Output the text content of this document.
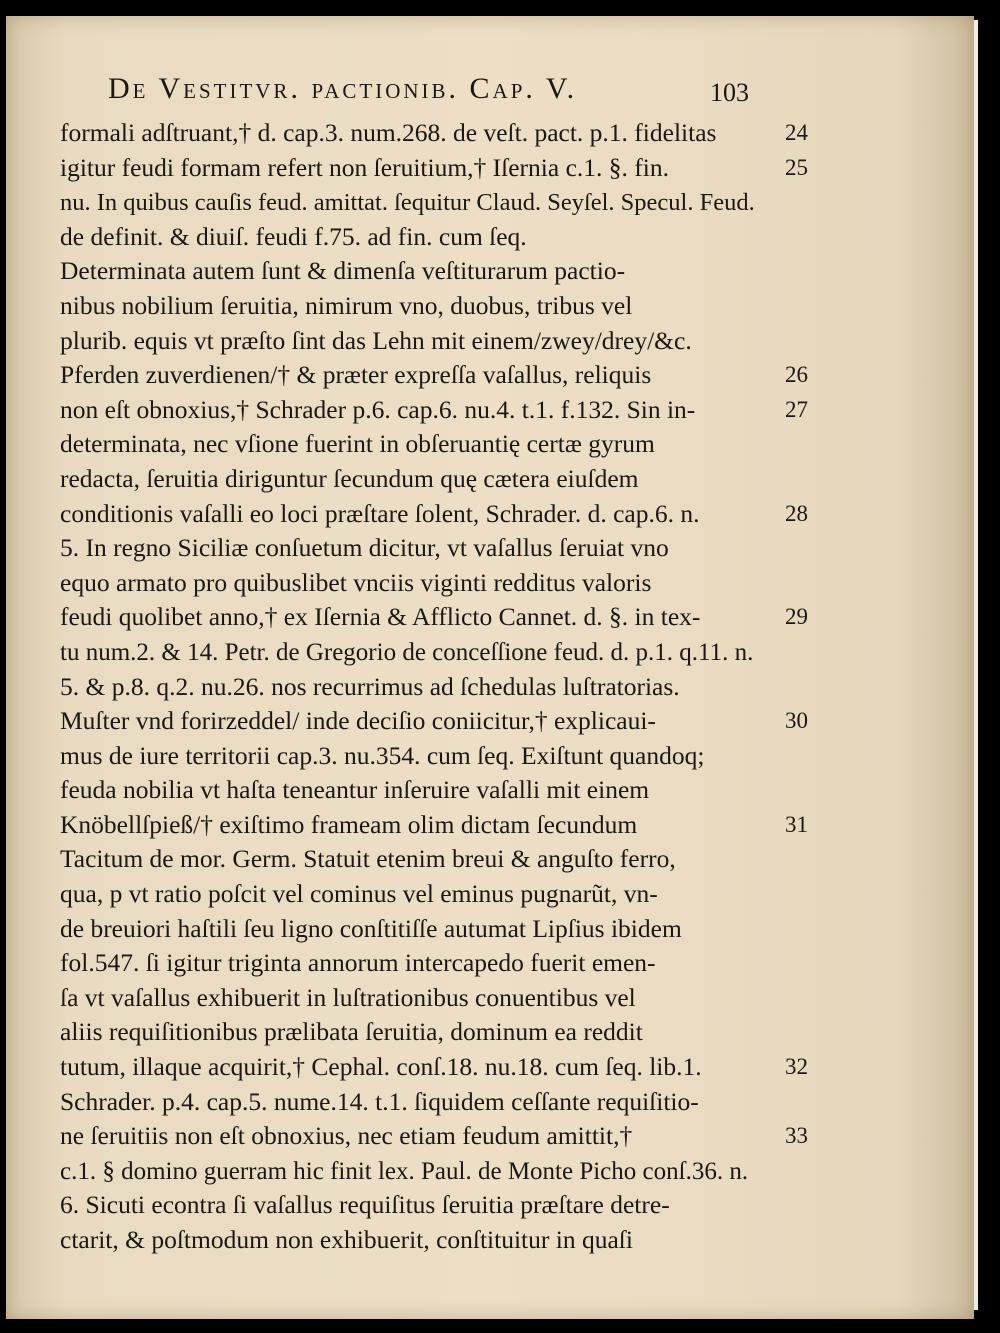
De Vestitvr. pactionib. Cap. V.	103
formali adſtruant,† d. cap.3. num.268. de veſt. pact. p.1. fidelitas	24
igitur feudi formam refert non ſeruitium,† Iſernia c.1. §. fin.	25
nu. In quibus cauſis feud. amittat. ſequitur Claud. Seyſel. Specul. Feud.
de definit. & diuiſ. feudi f.75. ad fin. cum ſeq.
Determinata autem ſunt & dimenſa veſtiturarum pactio-
nibus nobilium ſeruitia, nimirum vno, duobus, tribus vel
plurib. equis vt præſto ſint das Lehn mit einem/zwey/drey/&c.
Pferden zuverdienen/† & præter expreſſa vaſallus, reliquis	26
non eſt obnoxius,† Schrader p.6. cap.6. nu.4. t.1. f.132. Sin in-	27
determinata, nec vſione fuerint in obſeruantię certæ gyrum
redacta, ſeruitia diriguntur ſecundum quę cætera eiuſdem
conditionis vaſalli eo loci præſtare ſolent, Schrader. d. cap.6. n.	28
5. In regno Siciliæ conſuetum dicitur, vt vaſallus ſeruiat vno
equo armato pro quibuslibet vnciis viginti redditus valoris
feudi quolibet anno,† ex Iſernia & Afflicto Cannet. d. §. in tex-	29
tu num.2. & 14. Petr. de Gregorio de conceſſione feud. d. p.1. q.11. n.
5. & p.8. q.2. nu.26. nos recurrimus ad ſchedulas luſtratorias.
Muſter vnd forirzeddel/ inde deciſio coniicitur,† explicaui-	30
mus de iure territorii cap.3. nu.354. cum ſeq. Exiſtunt quandoq;
feuda nobilia vt haſta teneantur inſeruire vaſalli mit einem
Knöbellſpieß/† exiſtimo frameam olim dictam ſecundum	31
Tacitum de mor. Germ. Statuit etenim breui & anguſto ferro,
qua, p vt ratio poſcit vel cominus vel eminus pugnarũt, vn-
de breuiori haſtili ſeu ligno conſtitiſſe autumat Lipſius ibidem
fol.547. ſi igitur triginta annorum intercapedo fuerit emen-
ſa vt vaſallus exhibuerit in luſtrationibus conuentibus vel
aliis requiſitionibus prælibata ſeruitia, dominum ea reddit
tutum, illaque acquirit,† Cephal. conſ.18. nu.18. cum ſeq. lib.1.	32
Schrader. p.4. cap.5. nume.14. t.1. ſiquidem ceſſante requiſitio-
ne ſeruitiis non eſt obnoxius, nec etiam feudum amittit,†	33
c.1. § domino guerram hic finit lex. Paul. de Monte Picho conſ.36. n.
6. Sicuti econtra ſi vaſallus requiſitus ſeruitia præſtare detre-
ctarit, & poſtmodum non exhibuerit, conſtituitur in quaſi
